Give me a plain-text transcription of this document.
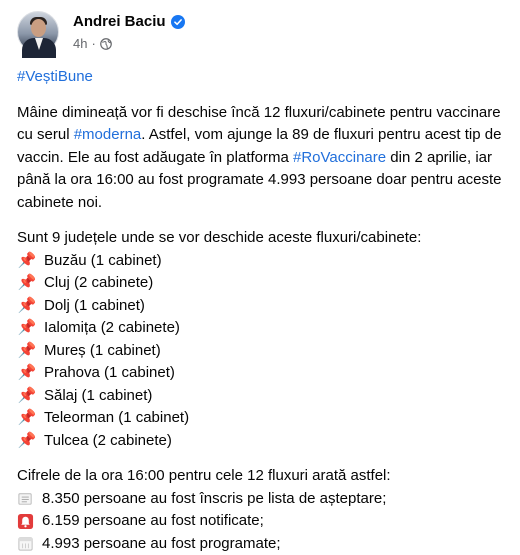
Andrei Baciu
4h ·
#VeștiBune
Mâine dimineață vor fi deschise încă 12 fluxuri/cabinete pentru vaccinare cu serul #moderna. Astfel, vom ajunge la 89 de fluxuri pentru acest tip de vaccin. Ele au fost adăugate în platforma #RoVaccinare din 2 aprilie, iar până la ora 16:00 au fost programate 4.993 persoane doar pentru aceste cabinete noi.
Sunt 9 județele unde se vor deschide aceste fluxuri/cabinete:
📌 Buzău (1 cabinet)
📌 Cluj (2 cabinete)
📌 Dolj (1 cabinet)
📌 Ialomița (2 cabinete)
📌 Mureș (1 cabinet)
📌 Prahova (1 cabinet)
📌 Sălaj (1 cabinet)
📌 Teleorman (1 cabinet)
📌 Tulcea (2 cabinete)
Cifrele de la ora 16:00 pentru cele 12 fluxuri arată astfel:
8.350 persoane au fost înscris pe lista de așteptare;
6.159 persoane au fost notificate;
4.993 persoane au fost programate;
